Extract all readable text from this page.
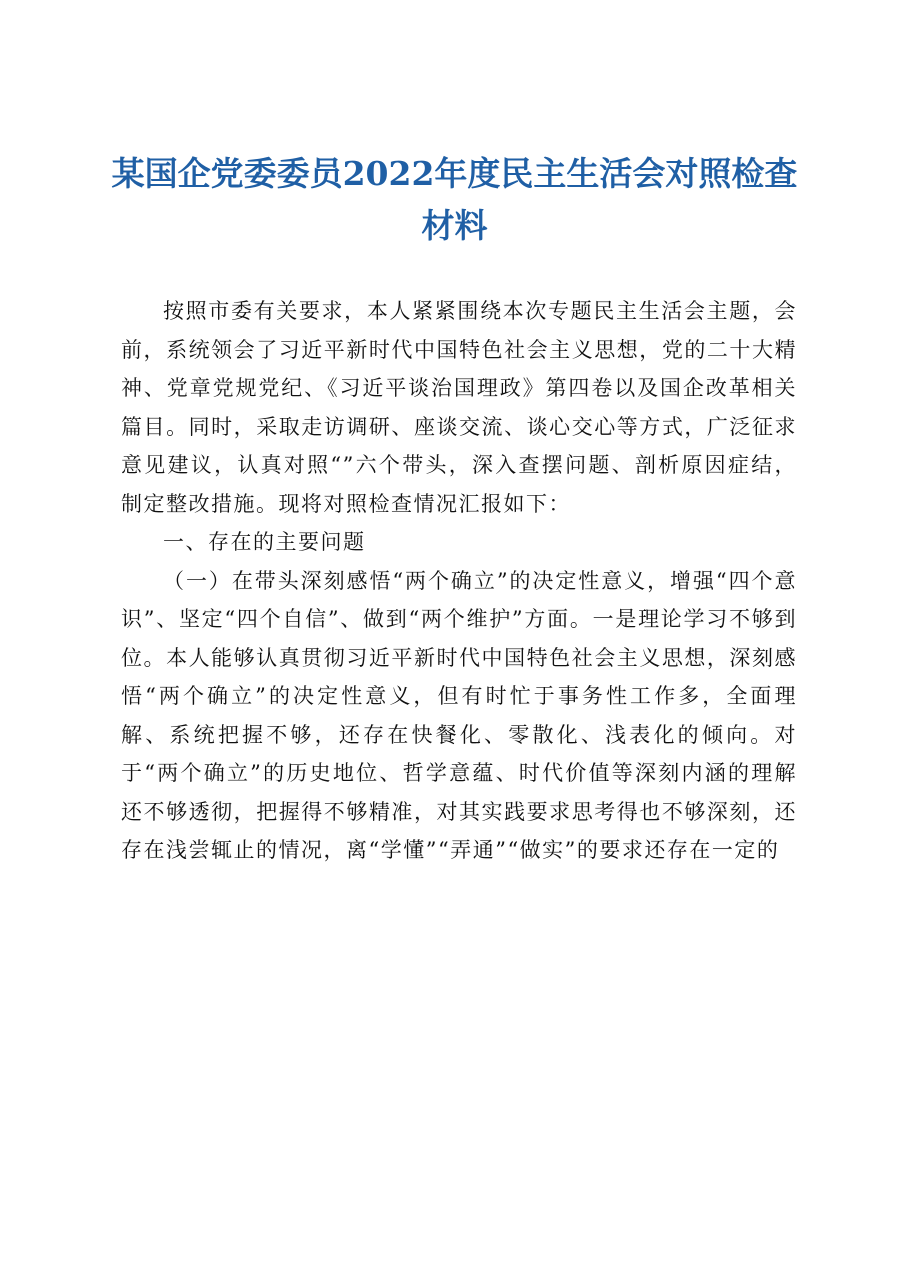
某国企党委委员2022年度民主生活会对照检查材料

按照市委有关要求，本人紧紧围绕本次专题民主生活会主题，会前，系统领会了习近平新时代中国特色社会主义思想，党的二十大精神、党章党规党纪、《习近平谈治国理政》第四卷以及国企改革相关篇目。同时，采取走访调研、座谈交流、谈心交心等方式，广泛征求意见建议，认真对照“”六个带头，深入查摆问题、剖析原因症结，制定整改措施。现将对照检查情况汇报如下：

一、存在的主要问题

（一）在带头深刻感悟“两个确立”的决定性意义，增强“四个意识”、坚定“四个自信”、做到“两个维护”方面。一是理论学习不够到位。本人能够认真贯彻习近平新时代中国特色社会主义思想，深刻感悟“两个确立”的决定性意义，但有时忙于事务性工作多，全面理解、系统把握不够，还存在快餐化、零散化、浅表化的倾向。对于“两个确立”的历史地位、哲学意蕴、时代价值等深刻内涵的理解还不够透彻，把握得不够精准，对其实践要求思考得也不够深刻，还存在浅尝辄止的情况，离“学懂”“弄通”“做实”的要求还存在一定的
